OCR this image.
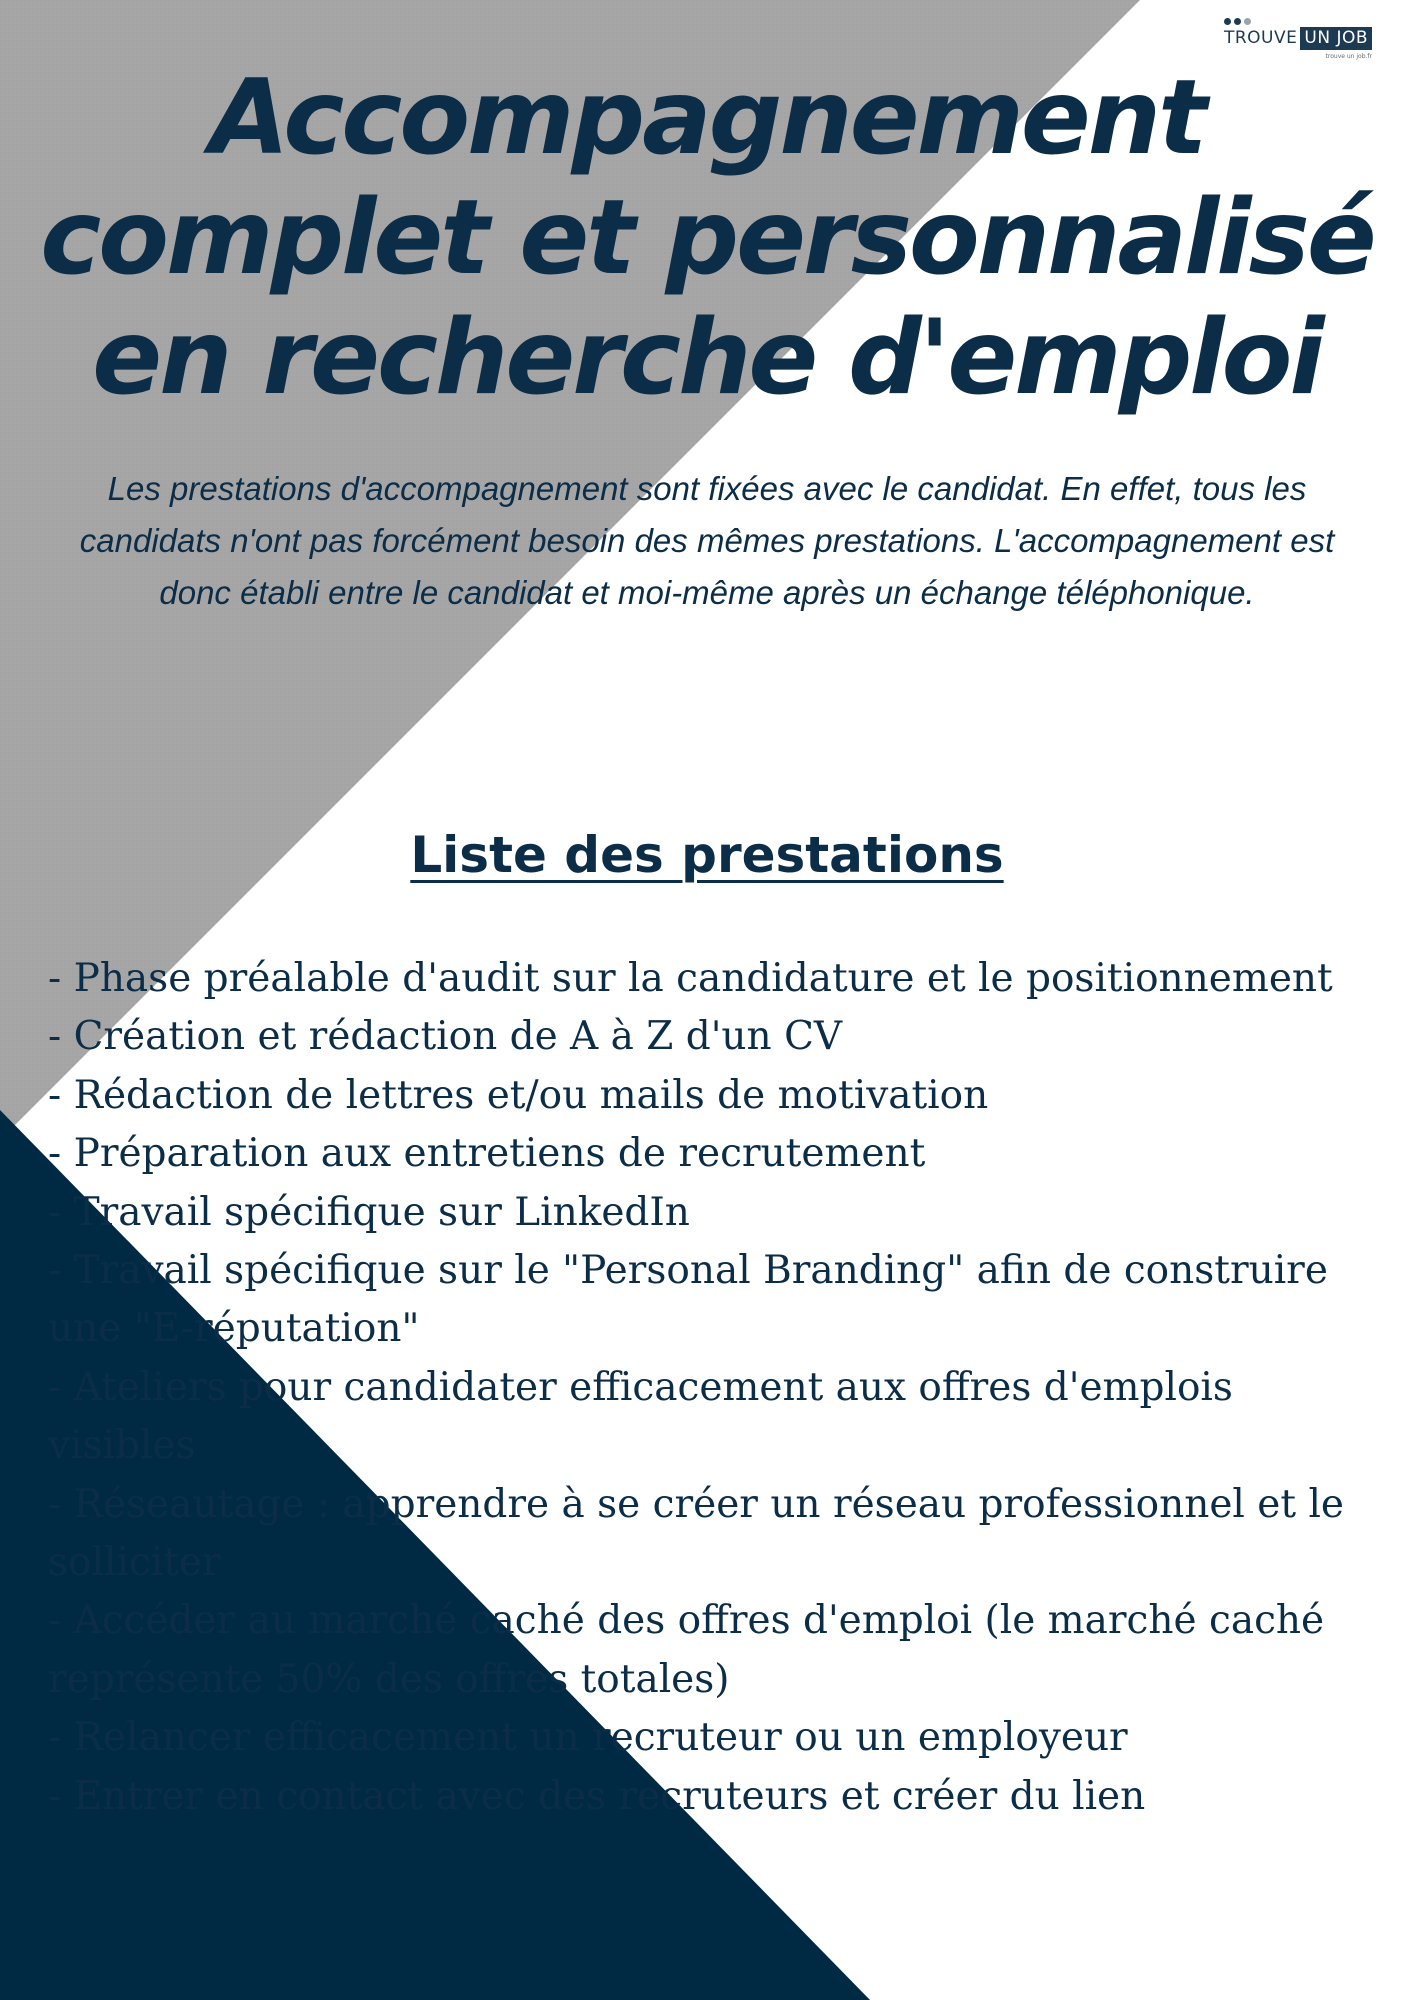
TROUVE UN JOB
trouve un job.fr
Accompagnement
complet et personnalisé
en recherche d'emploi

Les prestations d'accompagnement sont fixées avec le candidat. En effet, tous les candidats n'ont pas forcément besoin des mêmes prestations. L'accompagnement est donc établi entre le candidat et moi-même après un échange téléphonique.

Liste des prestations
- Phase préalable d'audit sur la candidature et le positionnement
- Création et rédaction de A à Z d'un CV
- Rédaction de lettres et/ou mails de motivation
- Préparation aux entretiens de recrutement
- Travail spécifique sur LinkedIn
- Travail spécifique sur le "Personal Branding" afin de construire une "E-réputation"
- Ateliers pour candidater efficacement aux offres d'emplois visibles
- Réseautage : apprendre à se créer un réseau professionnel et le solliciter
- Accéder au marché caché des offres d'emploi (le marché caché représente 50% des offres totales)
- Relancer efficacement un recruteur ou un employeur
- Entrer en contact avec des recruteurs et créer du lien
